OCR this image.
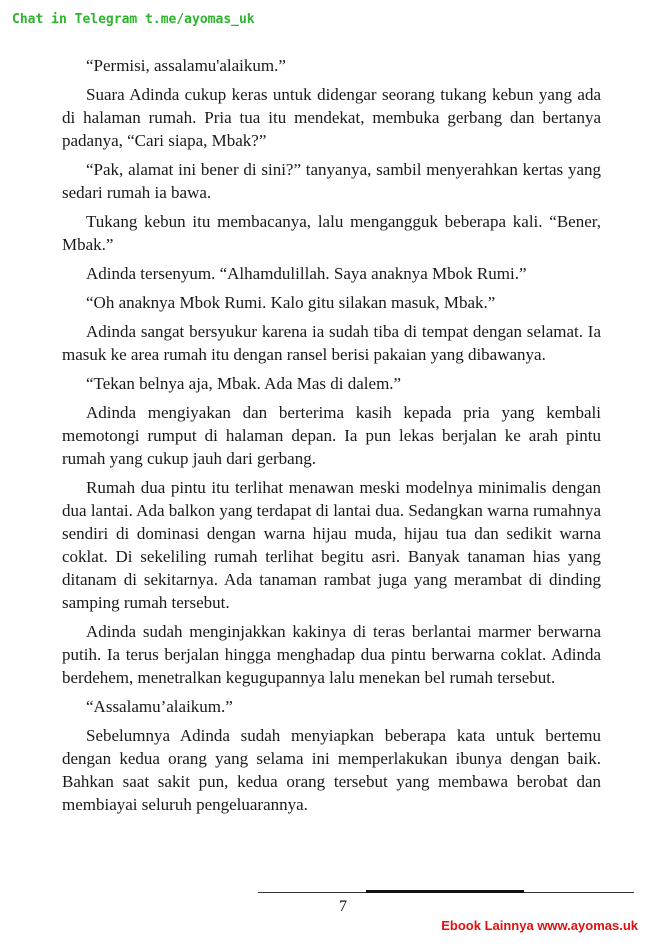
Chat in Telegram t.me/ayomas_uk

“Permisi, assalamu'alaikum.”

Suara Adinda cukup keras untuk didengar seorang tukang kebun yang ada di halaman rumah. Pria tua itu mendekat, membuka gerbang dan bertanya padanya, “Cari siapa, Mbak?”

“Pak, alamat ini bener di sini?” tanyanya, sambil menyerahkan kertas yang sedari rumah ia bawa.

Tukang kebun itu membacanya, lalu mengangguk beberapa kali. “Bener, Mbak.”

Adinda tersenyum. “Alhamdulillah. Saya anaknya Mbok Rumi.”

“Oh anaknya Mbok Rumi. Kalo gitu silakan masuk, Mbak.”

Adinda sangat bersyukur karena ia sudah tiba di tempat dengan selamat. Ia masuk ke area rumah itu dengan ransel berisi pakaian yang dibawanya.

“Tekan belnya aja, Mbak. Ada Mas di dalem.”

Adinda mengiyakan dan berterima kasih kepada pria yang kembali memotongi rumput di halaman depan. Ia pun lekas berjalan ke arah pintu rumah yang cukup jauh dari gerbang.

Rumah dua pintu itu terlihat menawan meski modelnya minimalis dengan dua lantai. Ada balkon yang terdapat di lantai dua. Sedangkan warna rumahnya sendiri di dominasi dengan warna hijau muda, hijau tua dan sedikit warna coklat. Di sekeliling rumah terlihat begitu asri. Banyak tanaman hias yang ditanam di sekitarnya. Ada tanaman rambat juga yang merambat di dinding samping rumah tersebut.

Adinda sudah menginjakkan kakinya di teras berlantai marmer berwarna putih. Ia terus berjalan hingga menghadap dua pintu berwarna coklat. Adinda berdehem, menetralkan kegugupannya lalu menekan bel rumah tersebut.

“Assalamu’alaikum.”

Sebelumnya Adinda sudah menyiapkan beberapa kata untuk bertemu dengan kedua orang yang selama ini memperlakukan ibunya dengan baik. Bahkan saat sakit pun, kedua orang tersebut yang membawa berobat dan membiayai seluruh pengeluarannya.

7
Ebook Lainnya www.ayomas.uk
